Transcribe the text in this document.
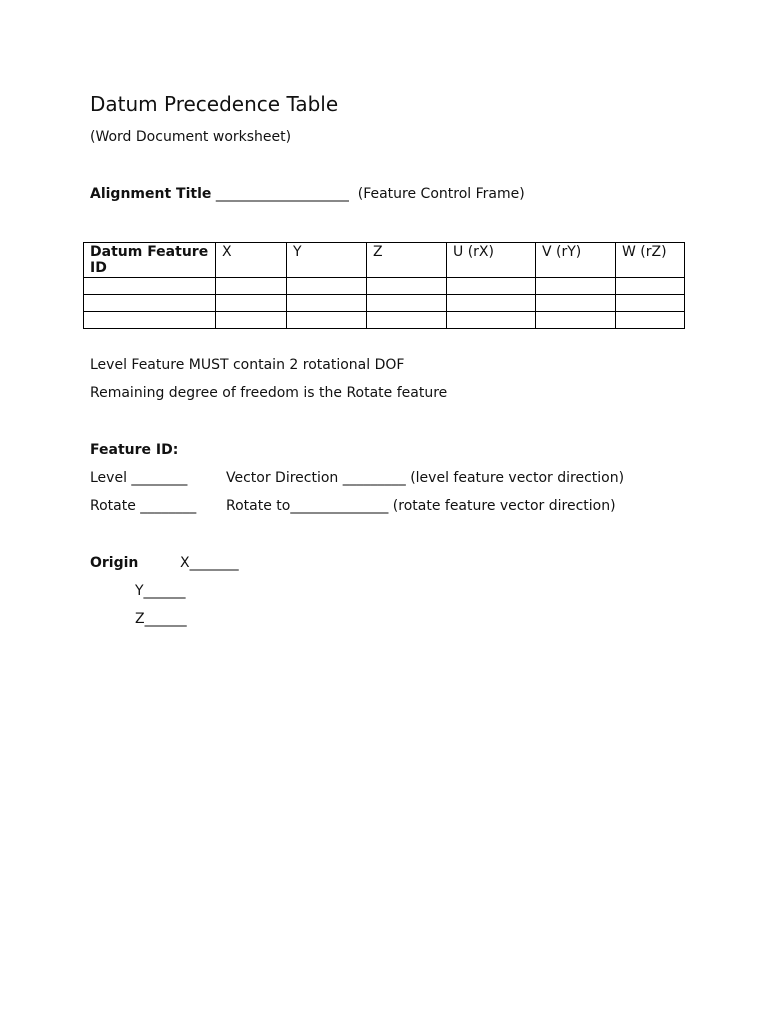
Datum Precedence Table
(Word Document worksheet)
Alignment Title ___________________  (Feature Control Frame)
Datum Feature ID	X	Y	Z	U (rX)	V (rY)	W (rZ)

Level Feature MUST contain 2 rotational DOF
Remaining degree of freedom is the Rotate feature
Feature ID:
Level ________	Vector Direction _________ (level feature vector direction)
Rotate ________ Rotate to______________ (rotate feature vector direction)
Origin	X_______
Y______
Z______
